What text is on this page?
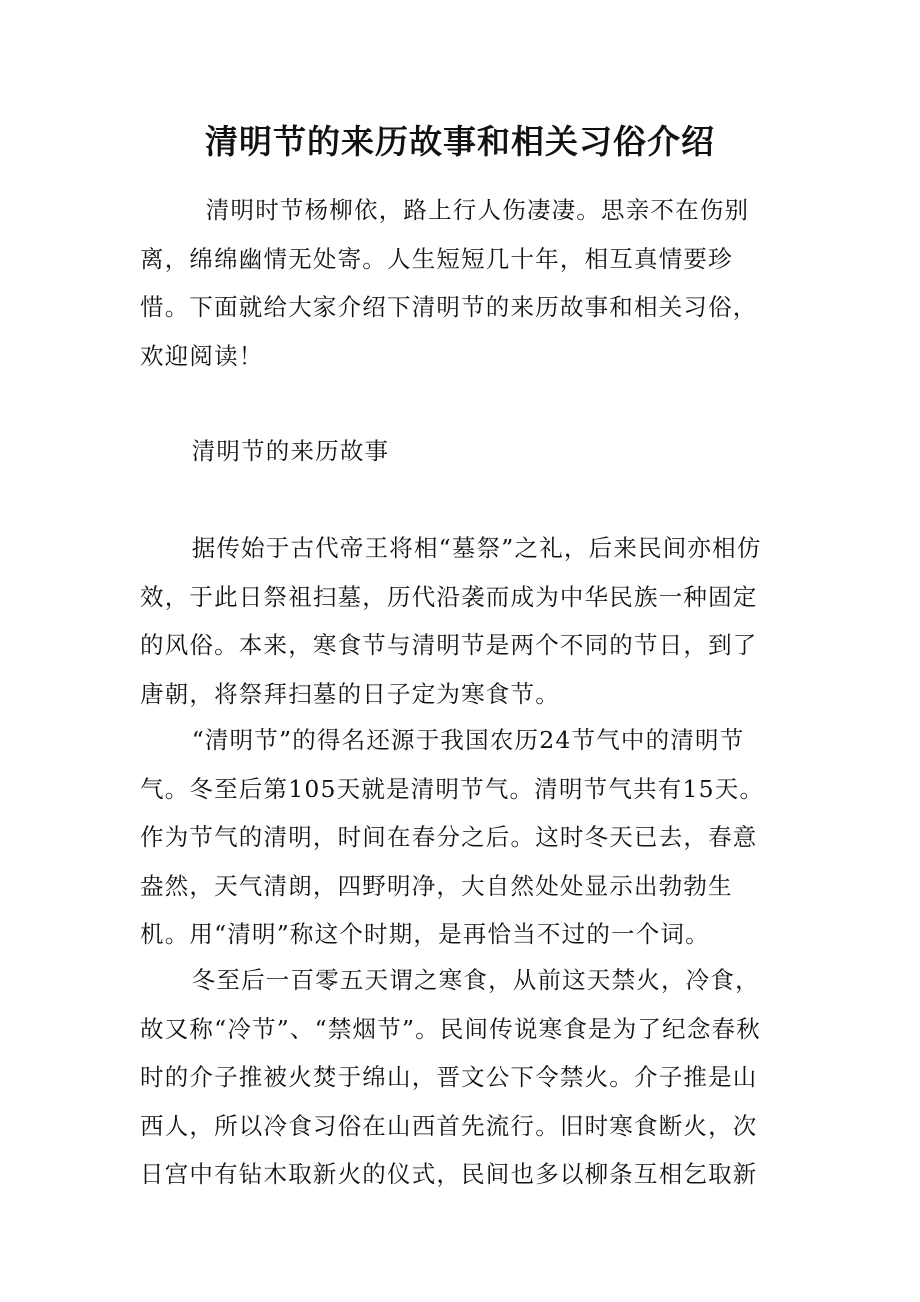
清明节的来历故事和相关习俗介绍

清明时节杨柳依，路上行人伤凄凄。思亲不在伤别离，绵绵幽情无处寄。人生短短几十年，相互真情要珍惜。下面就给大家介绍下清明节的来历故事和相关习俗，欢迎阅读！

清明节的来历故事

据传始于古代帝王将相“墓祭”之礼，后来民间亦相仿效，于此日祭祖扫墓，历代沿袭而成为中华民族一种固定的风俗。本来，寒食节与清明节是两个不同的节日，到了唐朝，将祭拜扫墓的日子定为寒食节。

“清明节”的得名还源于我国农历24节气中的清明节气。冬至后第105天就是清明节气。清明节气共有15天。作为节气的清明，时间在春分之后。这时冬天已去，春意盎然，天气清朗，四野明净，大自然处处显示出勃勃生机。用“清明”称这个时期，是再恰当不过的一个词。

冬至后一百零五天谓之寒食，从前这天禁火，冷食，故又称“冷节”、“禁烟节”。民间传说寒食是为了纪念春秋时的介子推被火焚于绵山，晋文公下令禁火。介子推是山西人，所以冷食习俗在山西首先流行。旧时寒食断火，次日宫中有钻木取新火的仪式，民间也多以柳条互相乞取新
